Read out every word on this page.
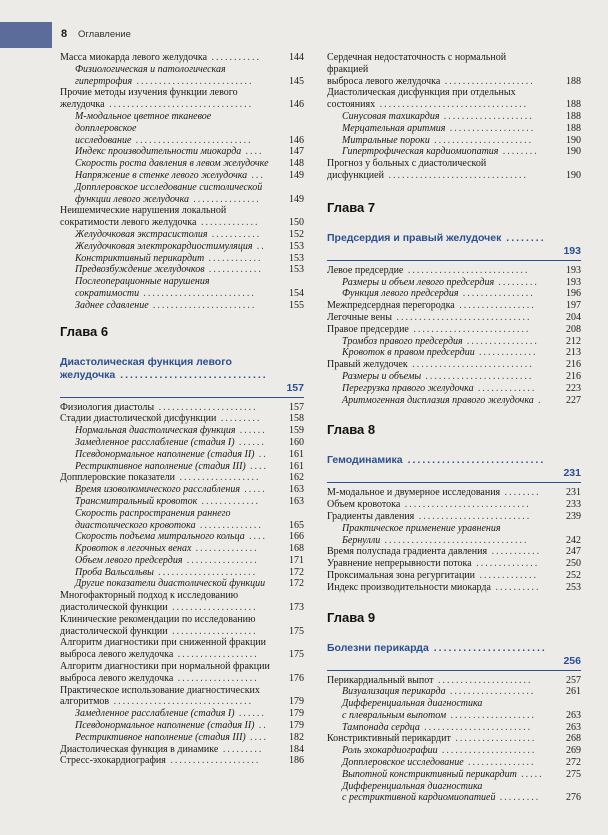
8 Оглавление
Масса миокарда левого желудочка ...........	144
Физиологическая и патологическая
гипертрофия ..........................	145
Прочие методы изучения функции левого
желудочка ................................	146
М-модальное цветное тканевое допплеровское
исследование ..........................	146
Индекс производительности миокарда ....	147
Скорость роста давления в левом желудочке	148
Напряжение в стенке левого желудочка ...	149
Допплеровское исследование систолической
функции левого желудочка ...............	149
Неишемические нарушения локальной
сократимости левого желудочка .............	150
Желудочковая экстрасистолия ...........	152
Желудочковая электрокардиостимуляция ..	153
Констриктивный перикардит ............	153
Предвозбуждение желудочков ............	153
Послеоперационные нарушения
сократимости .........................	154
Заднее сдавление .......................	155
Глава 6

Диастолическая функция левого
желудочка ..............................

157

Физиология диастолы ......................	157
Стадии диастолической дисфункции .........	158
Нормальная диастолическая функция ......	159
Замедленное расслабление (стадия I) ......	160
Псевдонормальное наполнение (стадия II) ..	161
Рестриктивное наполнение (стадия III) ....	161
Допплеровские показатели ..................	162
Время изоволюмического расслабления .....	163
Трансмитральный кровоток .............	163
Скорость распространения раннего
диастолического кровотока ..............	165
Скорость подъема митрального кольца ....	166
Кровоток в легочных венах ..............	168
Объем левого предсердия ................	171
Проба Вальсальвы ......................	172
Другие показатели диастолической функции	172
Многофакторный подход к исследованию
диастолической функции ...................	173
Клинические рекомендации по исследованию
диастолической функции ...................	175
Алгоритм диагностики при сниженной фракции
выброса левого желудочка ..................	175
Алгоритм диагностики при нормальной фракции
выброса левого желудочка ..................	176
Практическое использование диагностических
алгоритмов ...............................	179
Замедленное расслабление (стадия I) ......	179
Псевдонормальное наполнение (стадия II) ..	179
Рестриктивное наполнение (стадия III) ....	182
Диастолическая функция в динамике .........	184
Стресс-эхокардиография ....................	186
Сердечная недостаточность с нормальной фракцией
выброса левого желудочка ....................	188
Диастолическая дисфункция при отдельных
состояниях .................................	188
Синусовая тахикардия ....................	188
Мерцательная аритмия ...................	188
Митральные пороки ......................	190
Гипертрофическая кардиомиопатия ........	190
Прогноз у больных с диастолической
дисфункцией ...............................	190
Глава 7

Предсердия и правый желудочек ........

193

Левое предсердие ...........................	193
Размеры и объем левого предсердия .........	193
Функция левого предсердия ................	196
Межпредсердная перегородка .................	197
Легочные вены ..............................	204
Правое предсердие ..........................	208
Тромбоз правого предсердия ................	212
Кровоток в правом предсердии .............	213
Правый желудочек ...........................	216
Размеры и объемы ........................	216
Перегрузка правого желудочка .............	223
Аритмогенная дисплазия правого желудочка .	227
Глава 8

Гемодинамика ............................

231

М-модальное и двумерное исследования ........	231
Объем кровотока ............................	233
Градиенты давления .........................	239
Практическое применение уравнения
Бернулли ................................	242
Время полуспада градиента давления ...........	247
Уравнение непрерывности потока ..............	250
Проксимальная зона регургитации .............	252
Индекс производительности миокарда ..........	253
Глава 9

Болезни перикарда .......................

256

Перикардиальный выпот .....................	257
Визуализация перикарда ...................	261
Дифференциальная диагностика
с плевральным выпотом ...................	263
Тампонада сердца ........................	263
Констриктивный перикардит ..................	268
Роль эхокардиографии .....................	269
Допплеровское исследование ...............	272
Выпотной констриктивный перикардит .....	275
Дифференциальная диагностика
с рестриктивной кардиомиопатией .........	276
